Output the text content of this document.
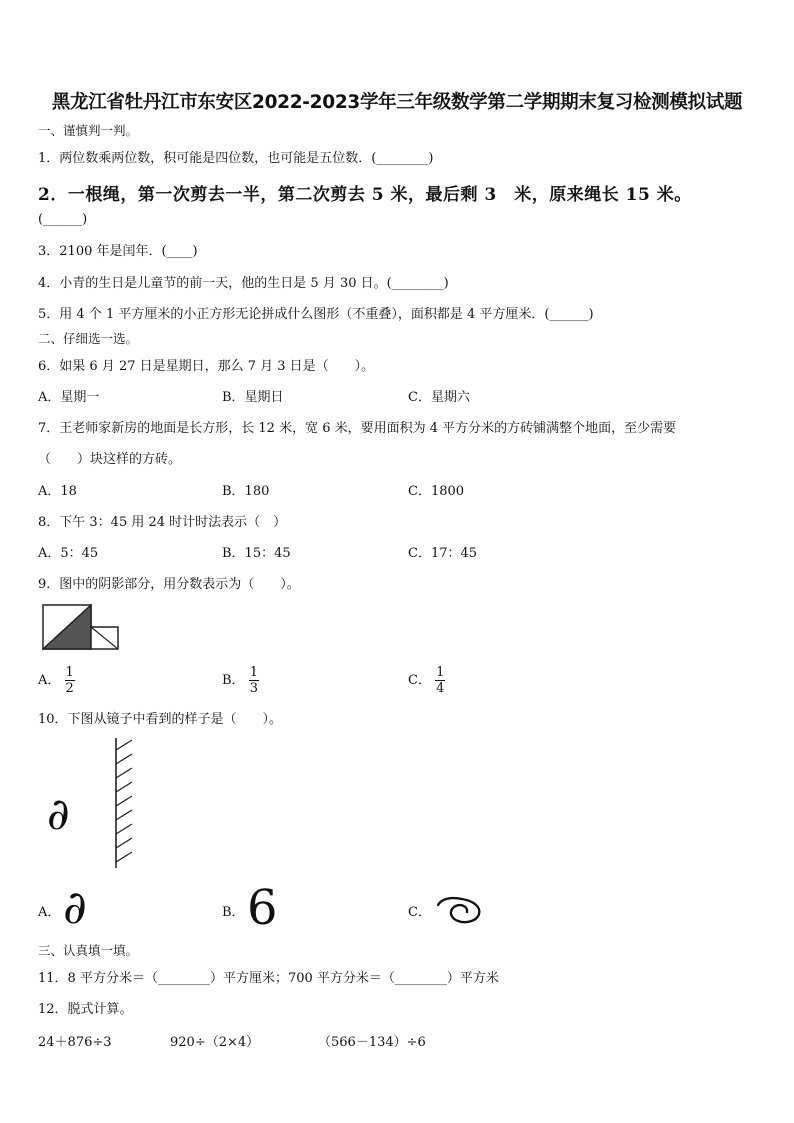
黑龙江省牡丹江市东安区2022-2023学年三年级数学第二学期期末复习检测模拟试题
一、谨慎判一判。
1．两位数乘两位数，积可能是四位数，也可能是五位数．(________)
2．一根绳，第一次剪去一半，第二次剪去 5 米，最后剩 3　米，原来绳长 15 米。
(______)
3．2100 年是闰年．(____)
4．小青的生日是儿童节的前一天，他的生日是 5 月 30 日。(________)
5．用 4 个 1 平方厘米的小正方形无论拼成什么图形（不重叠），面积都是 4 平方厘米．(______)
二、仔细选一选。
6．如果 6 月 27 日是星期日，那么 7 月 3 日是（　　）。
A．星期一	B．星期日	C．星期六
7．王老师家新房的地面是长方形，长 12 米，宽 6 米，要用面积为 4 平方分米的方砖铺满整个地面，至少需要
（　　）块这样的方砖。
A．18	B．180	C．1800
8．下午 3：45 用 24 时计时法表示（　）
A．5：45	B．15：45	C．17：45
9．图中的阴影部分，用分数表示为（　　）。
A． $\frac{1}{2}$	B． $\frac{1}{3}$	C． $\frac{1}{4}$
10．下图从镜子中看到的样子是（　　）。
∂
A． ∂	B． 6	C．
三、认真填一填。
11．8 平方分米＝（________）平方厘米；700 平方分米＝（________）平方米
12．脱式计算。
24＋876÷3	920÷（2×4）	（566－134）÷6
